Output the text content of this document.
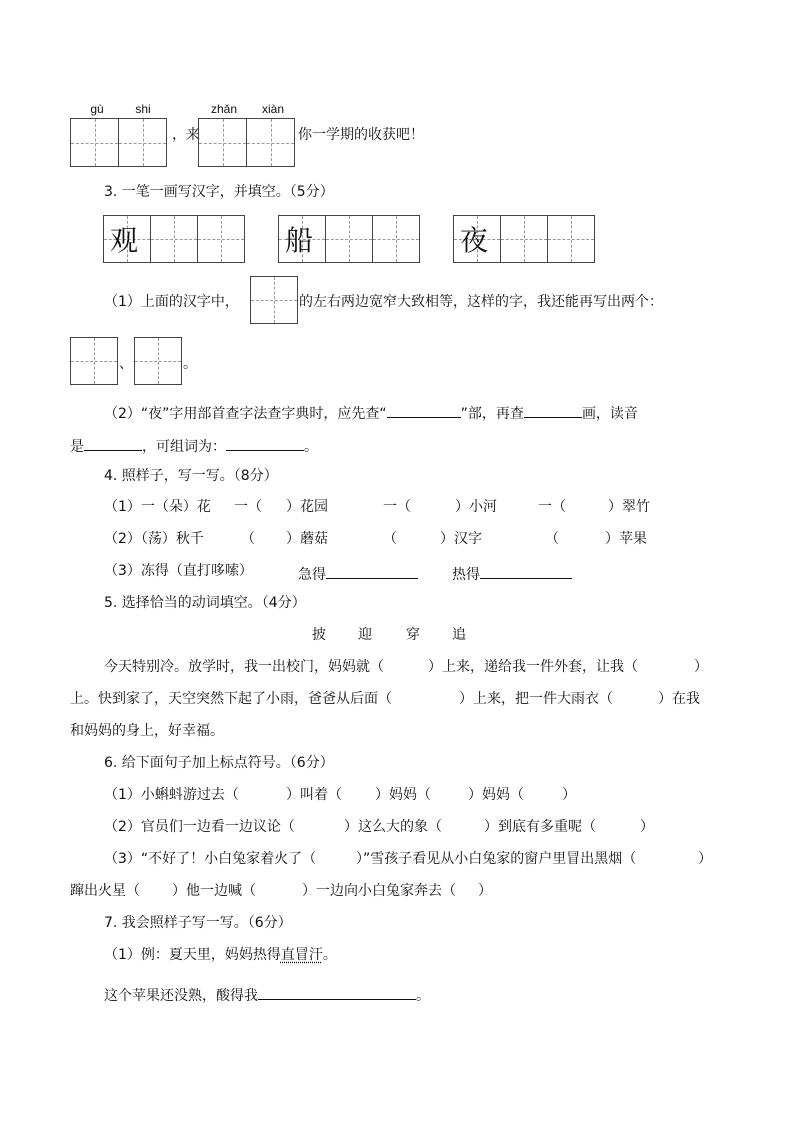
gù	shi	zhǎn	xiàn
，来	你一学期的收获吧！
3. 一笔一画写汉字，并填空。（5分）
观	船	夜
（1）上面的汉字中，	的左右两边宽窄大致相等，这样的字，我还能再写出两个：
、	。
（2）“夜”字用部首查字法查字典时，应先查“	”部，再查	画，读音
是	，可组词为：	。
4. 照样子，写一写。（8分）
（1）一（朵）花 一（ ）花园	一（	）小河	一（	）翠竹
（2）（荡）秋千	（ ）蘑菇	（	）汉字	（	）苹果
（3）冻得（直打哆嗦）	急得	热得
5. 选择恰当的动词填空。（4分）
披 迎 穿 追
今天特别冷。放学时，我一出校门，妈妈就（	）上来，递给我一件外套，让我（	）
上。快到家了，天空突然下起了小雨，爸爸从后面（	）上来，把一件大雨衣（	）在我
和妈妈的身上，好幸福。
6. 给下面句子加上标点符号。（6分）
（1）小蝌蚪游过去（	）叫着（ ）妈妈（	）妈妈（	）
（2）官员们一边看一边议论（	）这么大的象（	）到底有多重呢（	）
（3）“不好了！小白兔家着火了（	）”雪孩子看见从小白兔家的窗户里冒出黑烟（	）
蹿出火星（ ）他一边喊（	）一边向小白兔家奔去（ ）
7. 我会照样子写一写。（6分）
（1）例：夏天里，妈妈热得直冒汗。
这个苹果还没熟，酸得我	。
